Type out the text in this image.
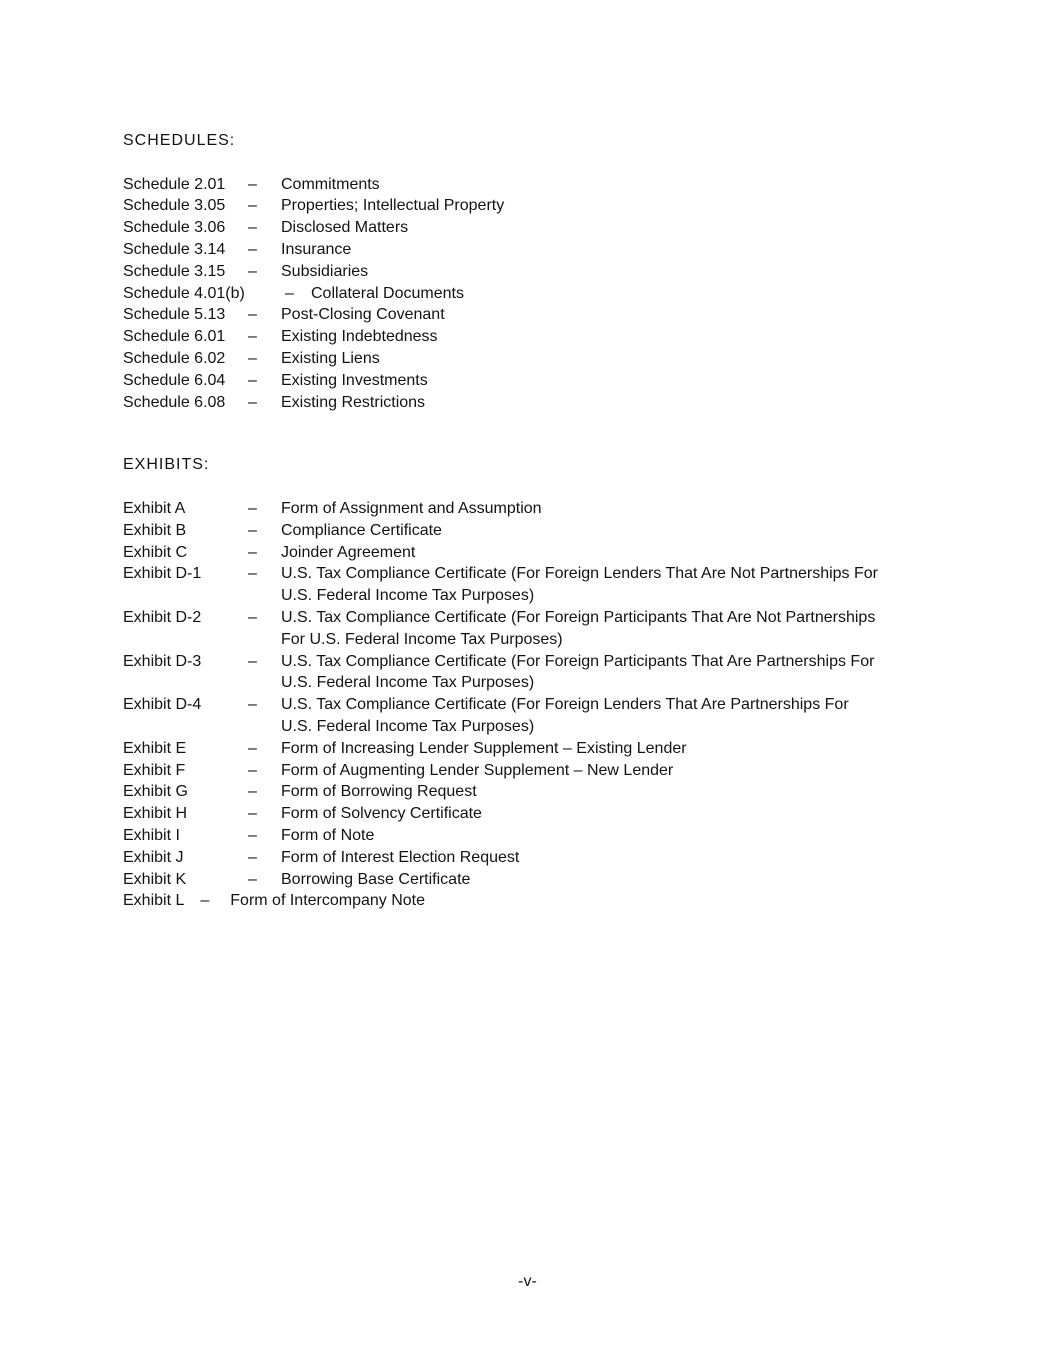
SCHEDULES:
Schedule 2.01	–	Commitments
Schedule 3.05	–	Properties; Intellectual Property
Schedule 3.06	–	Disclosed Matters
Schedule 3.14	–	Insurance
Schedule 3.15	–	Subsidiaries
Schedule 4.01(b)	–	Collateral Documents
Schedule 5.13	–	Post-Closing Covenant
Schedule 6.01	–	Existing Indebtedness
Schedule 6.02	–	Existing Liens
Schedule 6.04	–	Existing Investments
Schedule 6.08	–	Existing Restrictions
EXHIBITS:
Exhibit A	–	Form of Assignment and Assumption
Exhibit B	–	Compliance Certificate
Exhibit C	–	Joinder Agreement
Exhibit D-1	–	U.S. Tax Compliance Certificate (For Foreign Lenders That Are Not Partnerships For
U.S. Federal Income Tax Purposes)
Exhibit D-2	–	U.S. Tax Compliance Certificate (For Foreign Participants That Are Not Partnerships
For U.S. Federal Income Tax Purposes)
Exhibit D-3	–	U.S. Tax Compliance Certificate (For Foreign Participants That Are Partnerships For
U.S. Federal Income Tax Purposes)
Exhibit D-4	–	U.S. Tax Compliance Certificate (For Foreign Lenders That Are Partnerships For
U.S. Federal Income Tax Purposes)
Exhibit E	–	Form of Increasing Lender Supplement – Existing Lender
Exhibit F	–	Form of Augmenting Lender Supplement – New Lender
Exhibit G	–	Form of Borrowing Request
Exhibit H	–	Form of Solvency Certificate
Exhibit I	–	Form of Note
Exhibit J	–	Form of Interest Election Request
Exhibit K	–	Borrowing Base Certificate
Exhibit L – Form of Intercompany Note
-v-
